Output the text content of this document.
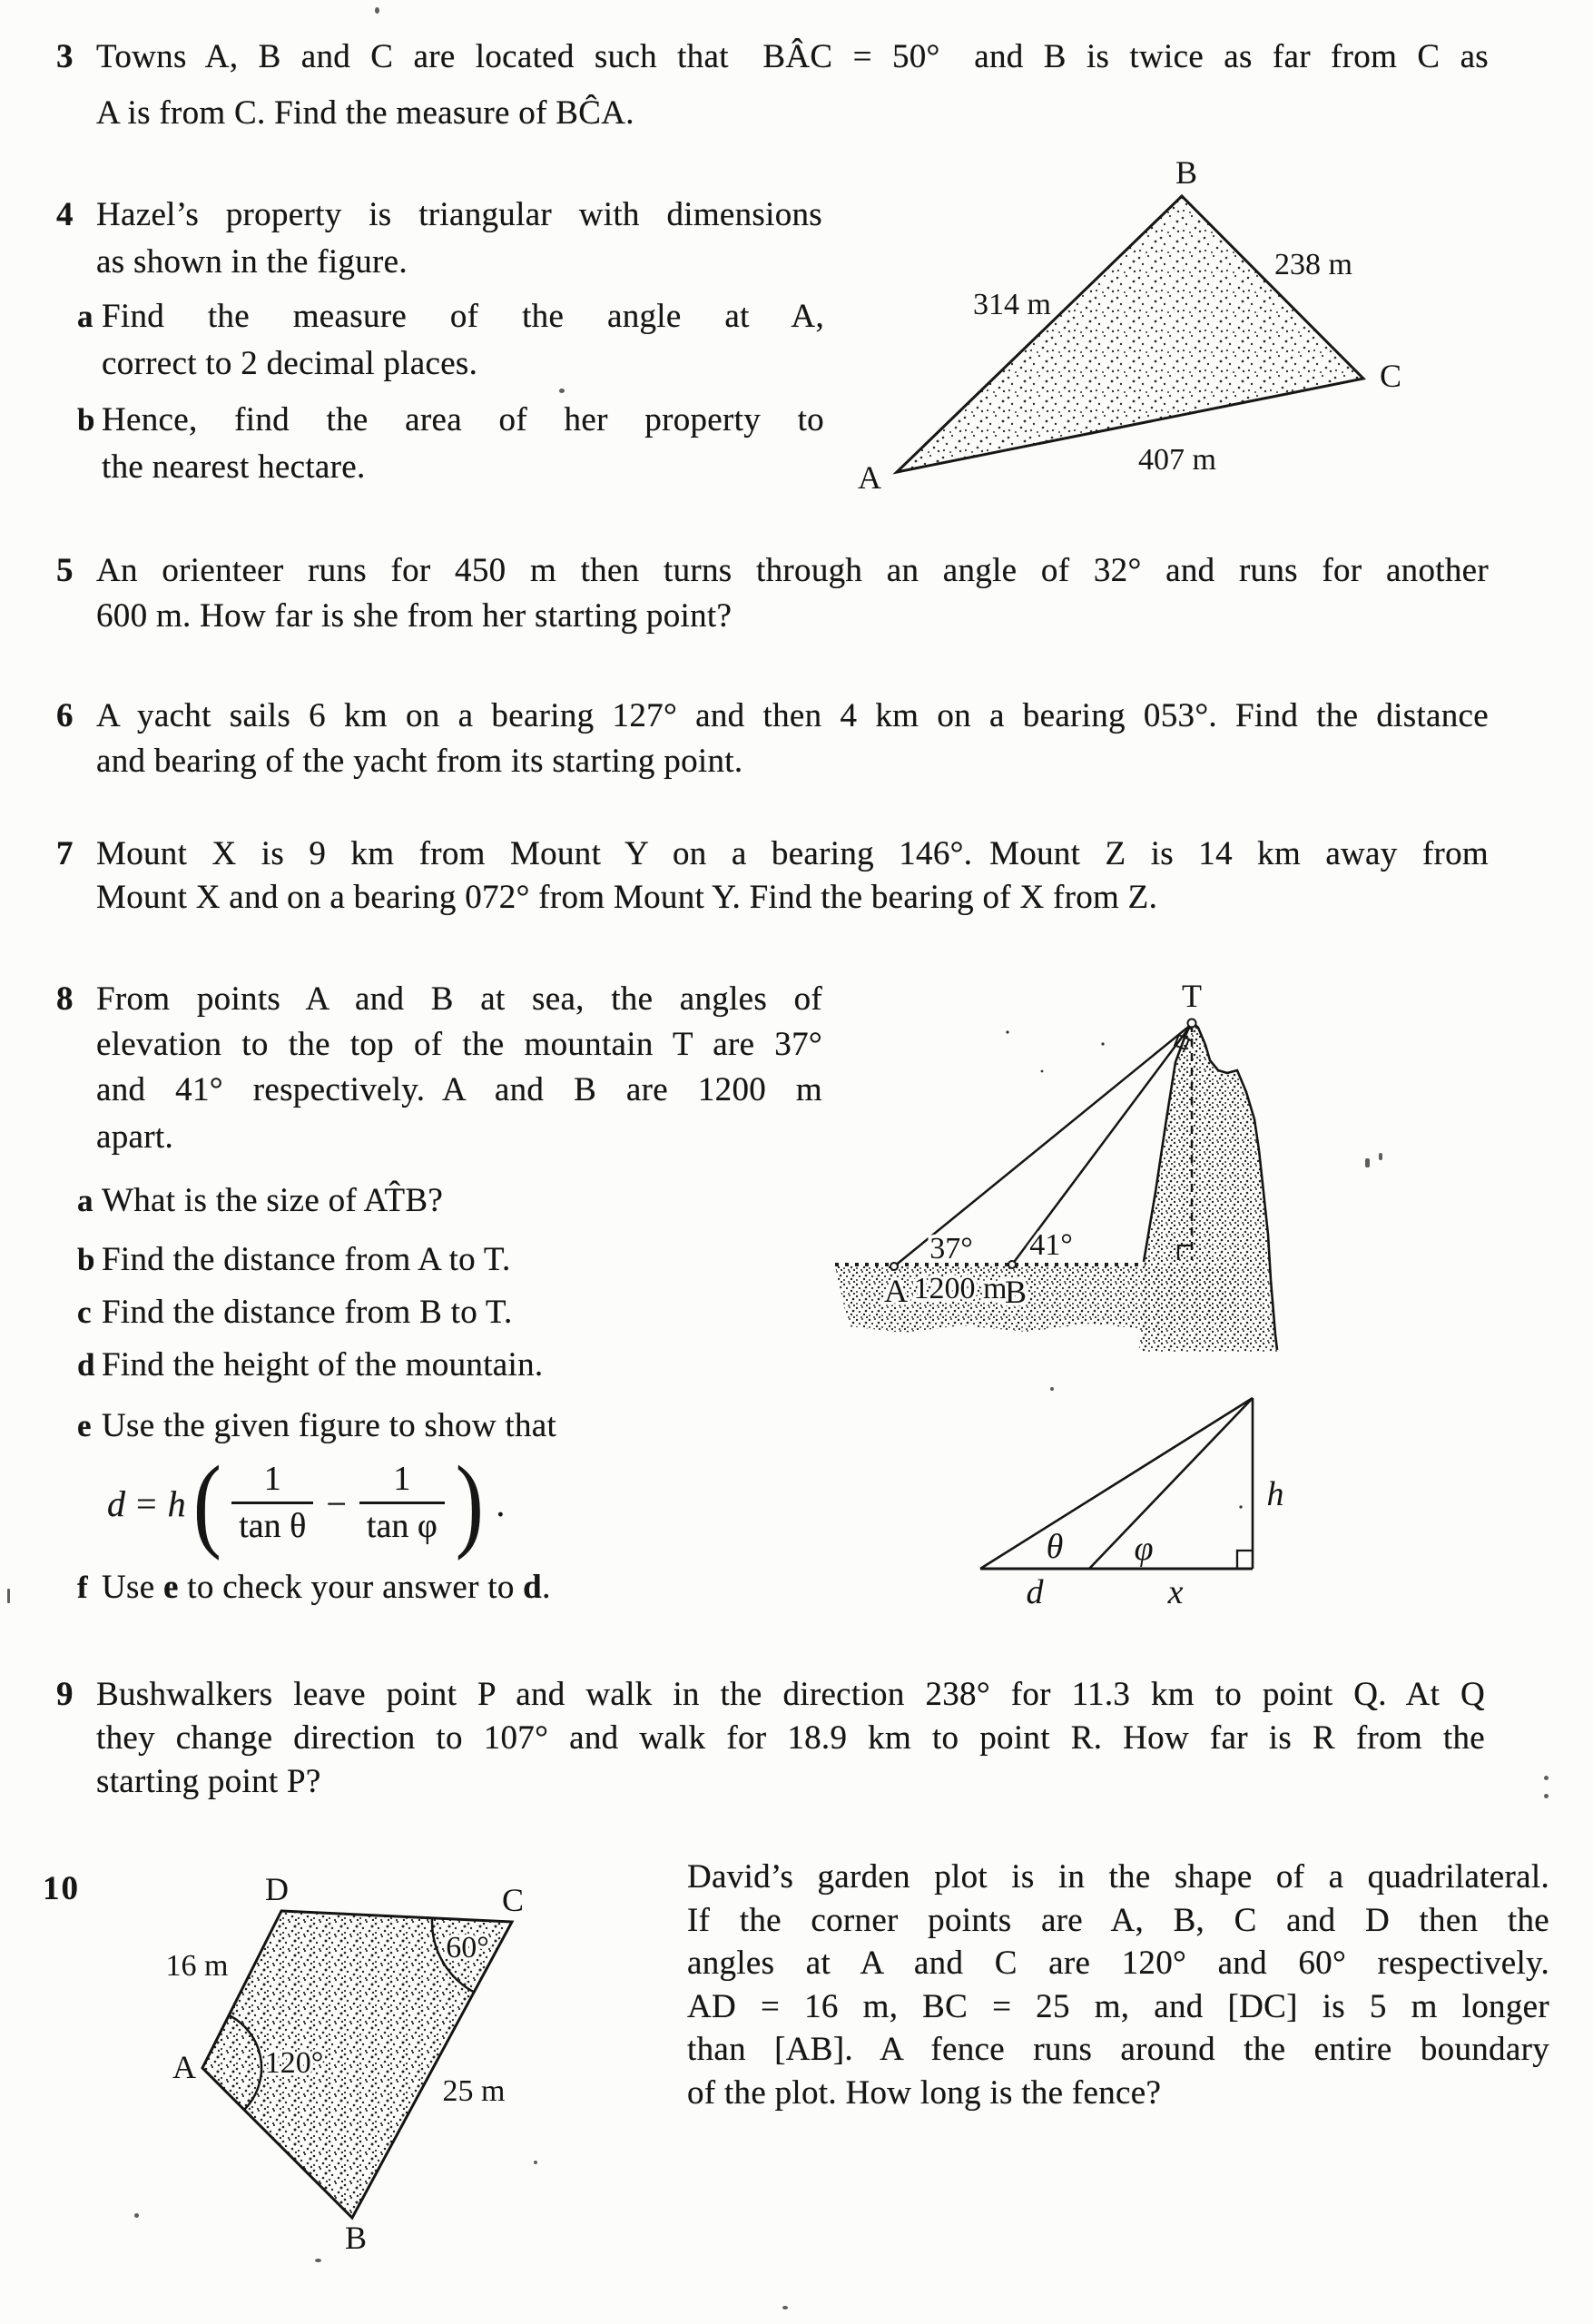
3 Towns A, B and C are located such that  BÂC = 50°  and B is twice as far from C as
A is from C. Find the measure of BĈA.
4 Hazel’s property is triangular with dimensions
as shown in the figure.
a Find the measure of the angle at A,
correct to 2 decimal places.
b Hence, find the area of her property to
the nearest hectare.	A
B
C
314 m
238 m
407 m
5 An orienteer runs for 450 m then turns through an angle of 32° and runs for another
600 m. How far is she from her starting point?
6 A yacht sails 6 km on a bearing 127° and then 4 km on a bearing 053°. Find the distance
and bearing of the yacht from its starting point.
7 Mount X is 9 km from Mount Y on a bearing 146°. Mount Z is 14 km away from
Mount X and on a bearing 072° from Mount Y. Find the bearing of X from Z.
8 From points A and B at sea, the angles of
elevation to the top of the mountain T are 37°
and 41° respectively. A and B are 1200 m
apart.
a What is the size of AT̂B?
b Find the distance from A to T.
c Find the distance from B to T.
d Find the height of the mountain.
e Use the given figure to show that
d = h ( $\frac{1}{\text{tan θ}} - \frac{1}{\text{tan φ}}$ ) .
f Use e to check your answer to d.
T
37° 41°
A 1200 m
B
θ φ
h
d	x
9 Bushwalkers leave point P and walk in the direction 238° for 11.3 km to point Q. At Q
they change direction to 107° and walk for 18.9 km to point R. How far is R from the
starting point P?
10	David’s garden plot is in the shape of a quadrilateral.
If the corner points are A, B, C and D then the
angles at A and C are 120° and 60° respectively.
AD = 16 m, BC = 25 m, and [DC] is 5 m longer
than [AB]. A fence runs around the entire boundary
of the plot. How long is the fence?
D	C
A
B
16 m
60°
120°
25 m
